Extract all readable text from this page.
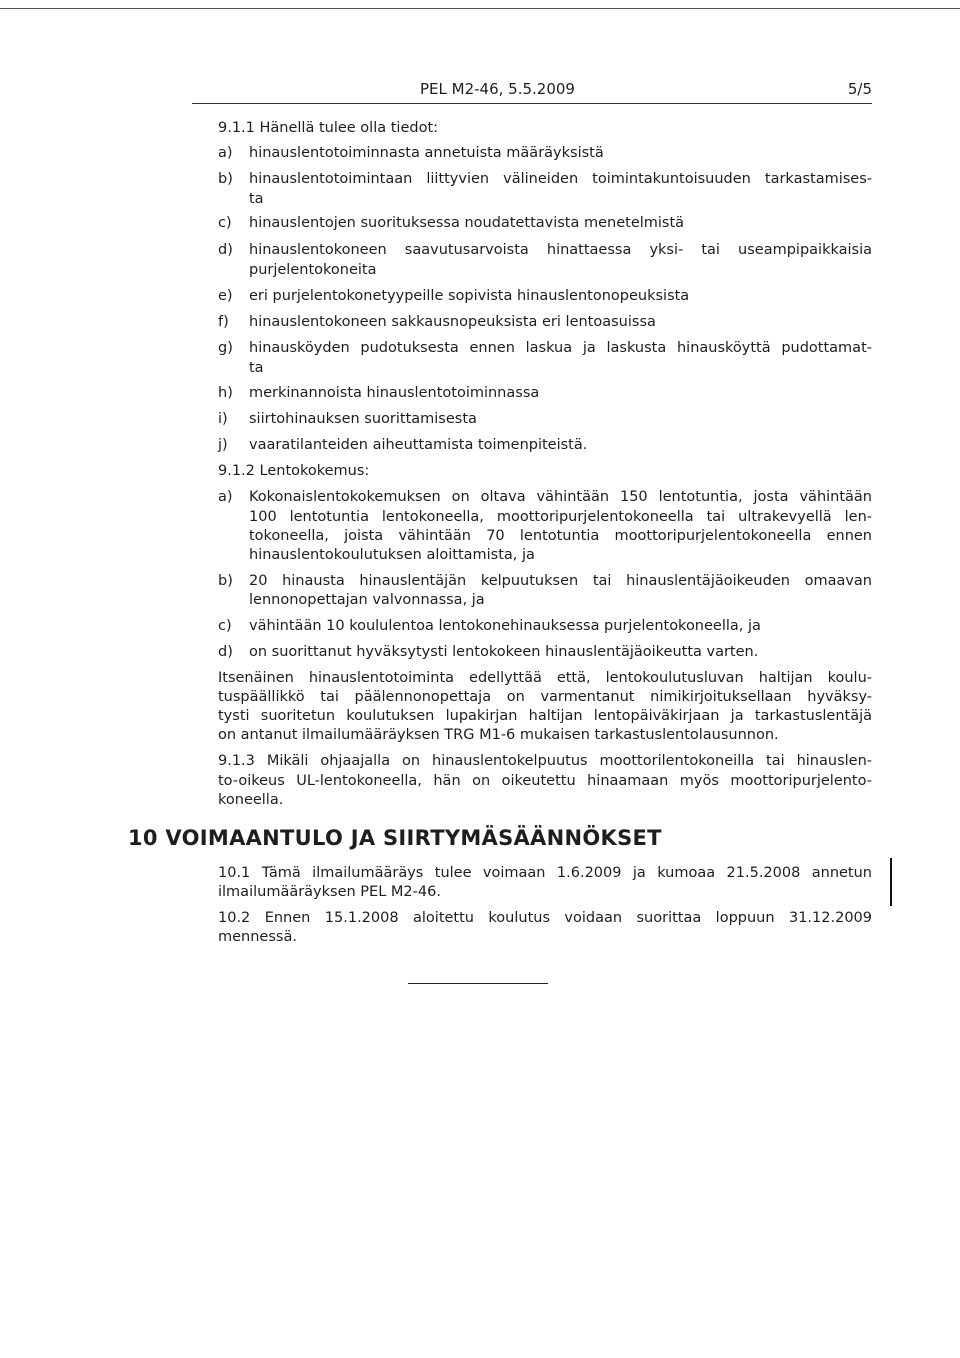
PEL M2-46, 5.5.2009	5/5
9.1.1 Hänellä tulee olla tiedot:
a) hinauslentotoiminnasta annetuista määräyksistä
b) hinauslentotoimintaan liittyvien välineiden toimintakuntoisuuden tarkastamises-
ta
c) hinauslentojen suorituksessa noudatettavista menetelmistä
d) hinauslentokoneen saavutusarvoista hinattaessa yksi- tai useampipaikkaisia
purjelentokoneita
e) eri purjelentokonetyypeille sopivista hinauslentonopeuksista
f) hinauslentokoneen sakkausnopeuksista eri lentoasuissa
g) hinausköyden pudotuksesta ennen laskua ja laskusta hinausköyttä pudottamat-
ta
h) merkinannoista hinauslentotoiminnassa
i) siirtohinauksen suorittamisesta
j) vaaratilanteiden aiheuttamista toimenpiteistä.
9.1.2 Lentokokemus:
a) Kokonaislentokokemuksen on oltava vähintään 150 lentotuntia, josta vähintään
100 lentotuntia lentokoneella, moottoripurjelentokoneella tai ultrakevyellä len-
tokoneella, joista vähintään 70 lentotuntia moottoripurjelentokoneella ennen
hinauslentokoulutuksen aloittamista, ja
b) 20 hinausta hinauslentäjän kelpuutuksen tai hinauslentäjäoikeuden omaavan
lennonopettajan valvonnassa, ja
c) vähintään 10 koululentoa lentokonehinauksessa purjelentokoneella, ja
d) on suorittanut hyväksytysti lentokokeen hinauslentäjäoikeutta varten.
Itsenäinen hinauslentotoiminta edellyttää että, lentokoulutusluvan haltijan koulu-
tuspäällikkö tai päälennonopettaja on varmentanut nimikirjoituksellaan hyväksy-
tysti suoritetun koulutuksen lupakirjan haltijan lentopäiväkirjaan ja tarkastuslentäjä
on antanut ilmailumääräyksen TRG M1-6 mukaisen tarkastuslentolausunnon.
9.1.3 Mikäli ohjaajalla on hinauslentokelpuutus moottorilentokoneilla tai hinauslen-
to-oikeus UL-lentokoneella, hän on oikeutettu hinaamaan myös moottoripurjelento-
koneella.
10 VOIMAANTULO JA SIIRTYMÄSÄÄNNÖKSET
10.1 Tämä ilmailumääräys tulee voimaan 1.6.2009 ja kumoaa 21.5.2008 annetun
ilmailumääräyksen PEL M2-46.
10.2 Ennen 15.1.2008 aloitettu koulutus voidaan suorittaa loppuun 31.12.2009
mennessä.
